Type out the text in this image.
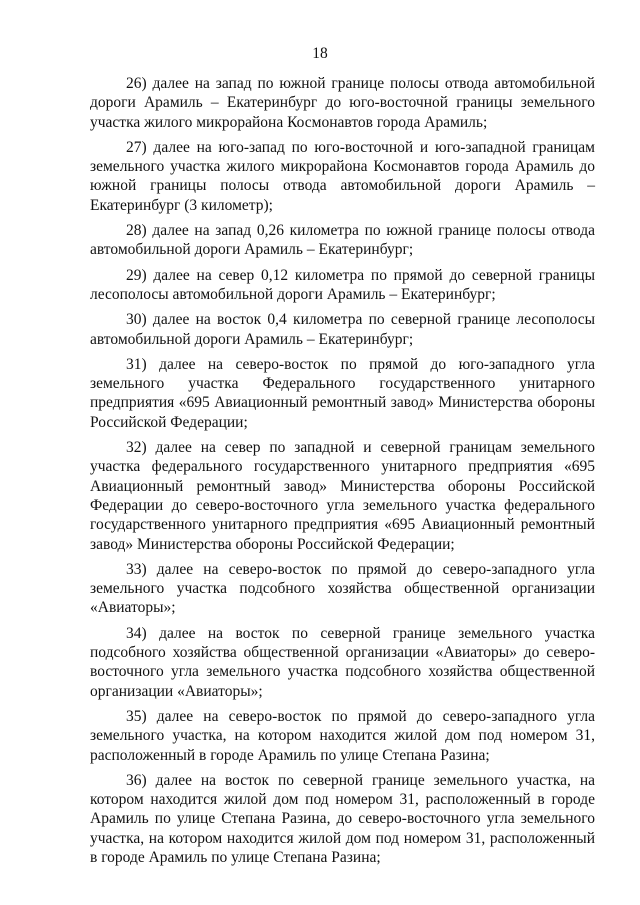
18

26) далее на запад по южной границе полосы отвода автомобильной дороги Арамиль – Екатеринбург до юго-восточной границы земельного участка жилого микрорайона Космонавтов города Арамиль;

27) далее на юго-запад по юго-восточной и юго-западной границам земельного участка жилого микрорайона Космонавтов города Арамиль до южной границы полосы отвода автомобильной дороги Арамиль – Екатеринбург (3 километр);

28) далее на запад 0,26 километра по южной границе полосы отвода автомобильной дороги Арамиль – Екатеринбург;

29) далее на север 0,12 километра по прямой до северной границы лесополосы автомобильной дороги Арамиль – Екатеринбург;

30) далее на восток 0,4 километра по северной границе лесополосы автомобильной дороги Арамиль – Екатеринбург;

31) далее на северо-восток по прямой до юго-западного угла земельного участка Федерального государственного унитарного предприятия «695 Авиационный ремонтный завод» Министерства обороны Российской Федерации;

32) далее на север по западной и северной границам земельного участка федерального государственного унитарного предприятия «695 Авиационный ремонтный завод» Министерства обороны Российской Федерации до северо-восточного угла земельного участка федерального государственного унитарного предприятия «695 Авиационный ремонтный завод» Министерства обороны Российской Федерации;

33) далее на северо-восток по прямой до северо-западного угла земельного участка подсобного хозяйства общественной организации «Авиаторы»;

34) далее на восток по северной границе земельного участка подсобного хозяйства общественной организации «Авиаторы» до северо-восточного угла земельного участка подсобного хозяйства общественной организации «Авиаторы»;

35) далее на северо-восток по прямой до северо-западного угла земельного участка, на котором находится жилой дом под номером 31, расположенный в городе Арамиль по улице Степана Разина;

36) далее на восток по северной границе земельного участка, на котором находится жилой дом под номером 31, расположенный в городе Арамиль по улице Степана Разина, до северо-восточного угла земельного участка, на котором находится жилой дом под номером 31, расположенный в городе Арамиль по улице Степана Разина;
